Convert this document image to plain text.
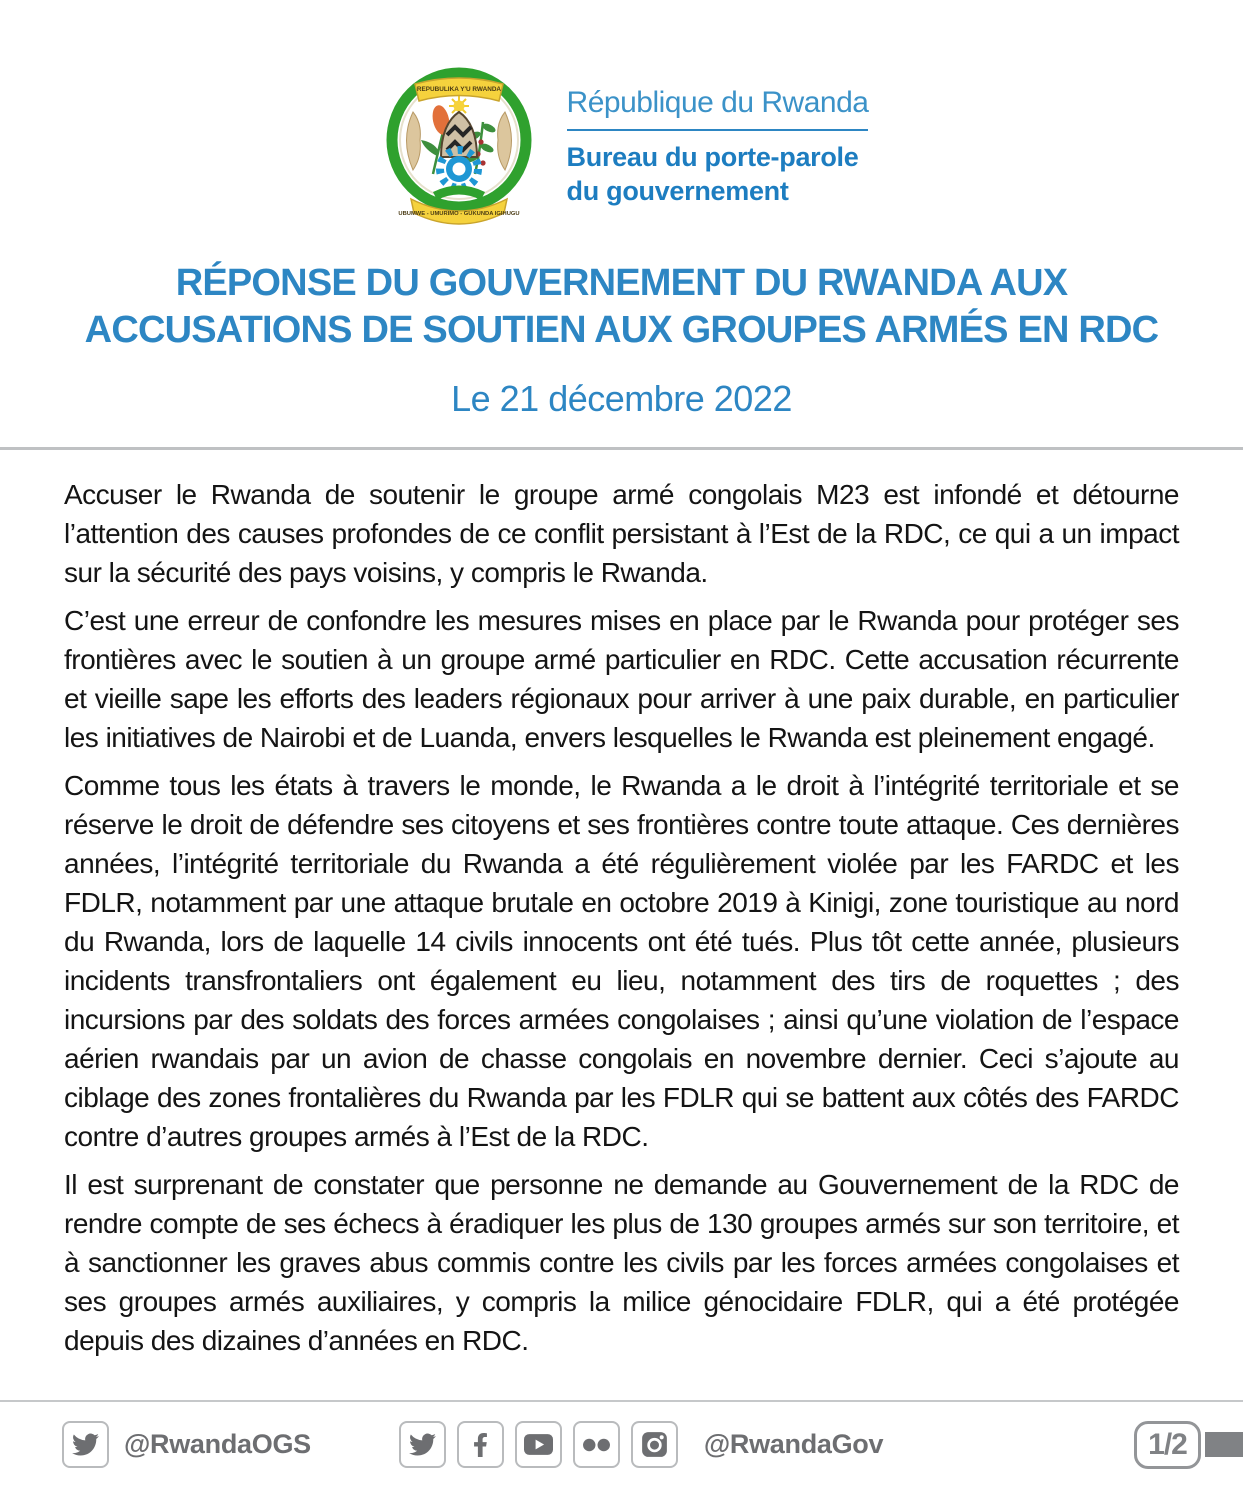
REPUBULIKA Y'U RWANDA
UBUMWE - UMURIMO - GUKUNDA IGIHUGU
République du Rwanda
Bureau du porte-parole
du gouvernement
RÉPONSE DU GOUVERNEMENT DU RWANDA AUX
ACCUSATIONS DE SOUTIEN AUX GROUPES ARMÉS EN RDC
Le 21 décembre 2022

Accuser le Rwanda de soutenir le groupe armé congolais M23 est infondé et détourne l’attention des causes profondes de ce conflit persistant à l’Est de la RDC, ce qui a un impact sur la sécurité des pays voisins, y compris le Rwanda.

C’est une erreur de confondre les mesures mises en place par le Rwanda pour protéger ses frontières avec le soutien à un groupe armé particulier en RDC. Cette accusation récurrente et vieille sape les efforts des leaders régionaux pour arriver à une paix durable, en particulier les initiatives de Nairobi et de Luanda, envers lesquelles le Rwanda est pleinement engagé.

Comme tous les états à travers le monde, le Rwanda a le droit à l’intégrité territoriale et se réserve le droit de défendre ses citoyens et ses frontières contre toute attaque. Ces dernières années, l’intégrité territoriale du Rwanda a été régulièrement violée par les FARDC et les FDLR, notamment par une attaque brutale en octobre 2019 à Kinigi, zone touristique au nord du Rwanda, lors de laquelle 14 civils innocents ont été tués. Plus tôt cette année, plusieurs incidents transfrontaliers ont également eu lieu, notamment des tirs de roquettes ; des incursions par des soldats des forces armées congolaises ; ainsi qu’une violation de l’espace aérien rwandais par un avion de chasse congolais en novembre dernier. Ceci s’ajoute au ciblage des zones frontalières du Rwanda par les FDLR qui se battent aux côtés des FARDC contre d’autres groupes armés à l’Est de la RDC.

Il est surprenant de constater que personne ne demande au Gouvernement de la RDC de rendre compte de ses échecs à éradiquer les plus de 130 groupes armés sur son territoire, et à sanctionner les graves abus commis contre les civils par les forces armées congolaises et ses groupes armés auxiliaires, y compris la milice génocidaire FDLR, qui a été protégée depuis des dizaines d’années en RDC.

@RwandaOGS	@RwandaGov	1/2
